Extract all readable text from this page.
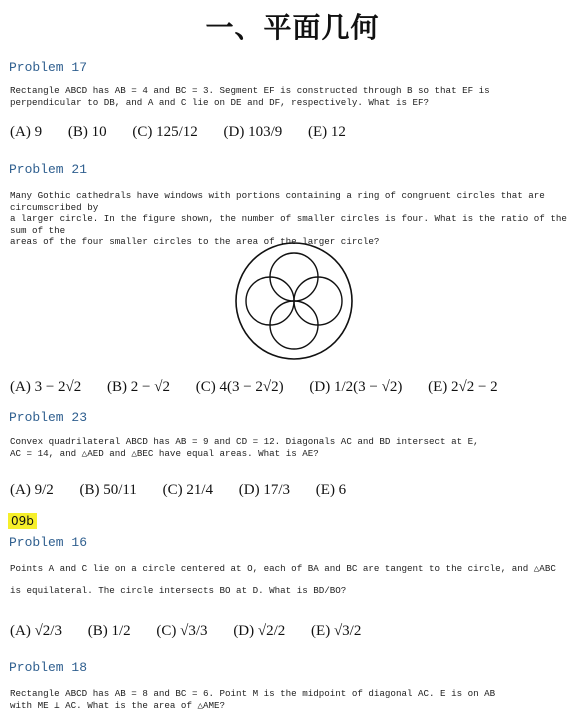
一、平面几何
Problem 17
Rectangle ABCD has AB = 4 and BC = 3. Segment EF is constructed through B so that EF is
perpendicular to DB, and A and C lie on DE and DF, respectively. What is EF?
(A) 9 (B) 10 (C) 125/12 (D) 103/9 (E) 12
Problem 21
Many Gothic cathedrals have windows with portions containing a ring of congruent circles that are circumscribed by
a larger circle. In the figure shown, the number of smaller circles is four. What is the ratio of the sum of the
areas of the four smaller circles to the area of the larger circle?
(A) 3 − 2√2 (B) 2 − √2 (C) 4(3 − 2√2) (D) 1/2(3 − √2) (E) 2√2 − 2
Problem 23
Convex quadrilateral ABCD has AB = 9 and CD = 12. Diagonals AC and BD intersect at E,
AC = 14, and △AED and △BEC have equal areas. What is AE?
(A) 9/2 (B) 50/11 (C) 21/4 (D) 17/3 (E) 6
09b
Problem 16
Points A and C lie on a circle centered at O, each of BA and BC are tangent to the circle, and △ABC
is equilateral. The circle intersects BO at D. What is BD/BO?
(A) √2/3 (B) 1/2 (C) √3/3 (D) √2/2 (E) √3/2
Problem 18
Rectangle ABCD has AB = 8 and BC = 6. Point M is the midpoint of diagonal AC. E is on AB
with ME ⊥ AC. What is the area of △AME?
